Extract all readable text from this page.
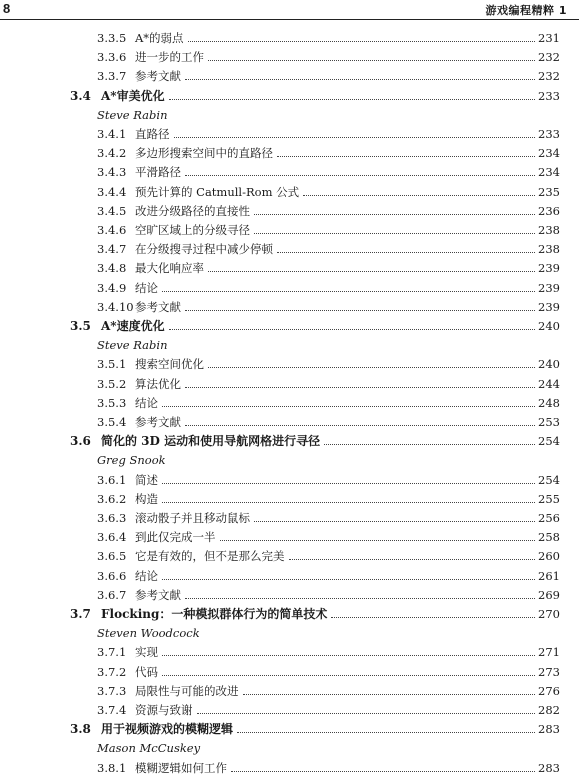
8	游戏编程精粹 1
3.3.5 A*的弱点	231
3.3.6 进一步的工作	232
3.3.7 参考文献	232
3.4 A*审美优化	233
Steve Rabin
3.4.1 直路径	233
3.4.2 多边形搜索空间中的直路径	234
3.4.3 平滑路径	234
3.4.4 预先计算的 Catmull-Rom 公式	235
3.4.5 改进分级路径的直接性	236
3.4.6 空旷区域上的分级寻径	238
3.4.7 在分级搜寻过程中减少停顿	238
3.4.8 最大化响应率	239
3.4.9 结论	239
3.4.10 参考文献	239
3.5 A*速度优化	240
Steve Rabin
3.5.1 搜索空间优化	240
3.5.2 算法优化	244
3.5.3 结论	248
3.5.4 参考文献	253
3.6 简化的 3D 运动和使用导航网格进行寻径	254
Greg Snook
3.6.1 简述	254
3.6.2 构造	255
3.6.3 滚动骰子并且移动鼠标	256
3.6.4 到此仅完成一半	258
3.6.5 它是有效的，但不是那么完美	260
3.6.6 结论	261
3.6.7 参考文献	269
3.7 Flocking：一种模拟群体行为的简单技术	270
Steven Woodcock
3.7.1 实现	271
3.7.2 代码	273
3.7.3 局限性与可能的改进	276
3.7.4 资源与致谢	282
3.8 用于视频游戏的模糊逻辑	283
Mason McCuskey
3.8.1 模糊逻辑如何工作	283
